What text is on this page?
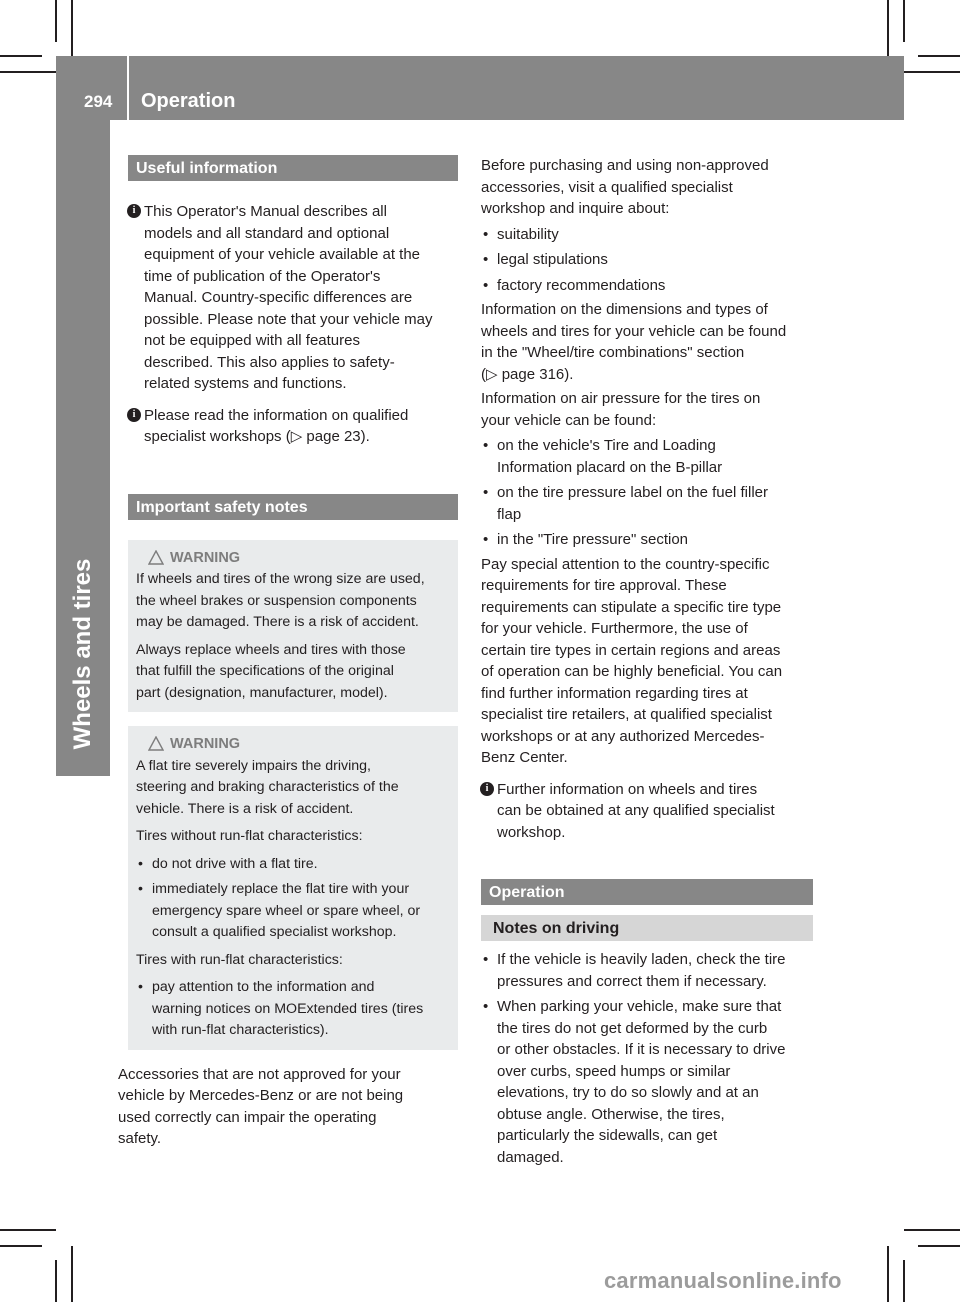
294 Operation
Wheels and tires
Useful information
i This Operator's Manual describes all
models and all standard and optional
equipment of your vehicle available at the
time of publication of the Operator's
Manual. Country-specific differences are
possible. Please note that your vehicle may
not be equipped with all features
described. This also applies to safety-
related systems and functions.

i Please read the information on qualified
specialist workshops (▷ page 23).

Important safety notes
WARNING

If wheels and tires of the wrong size are used,
the wheel brakes or suspension components
may be damaged. There is a risk of accident.

Always replace wheels and tires with those
that fulfill the specifications of the original
part (designation, manufacturer, model).

WARNING

A flat tire severely impairs the driving,
steering and braking characteristics of the
vehicle. There is a risk of accident.

Tires without run-flat characteristics:

• do not drive with a flat tire.
• immediately replace the flat tire with your
emergency spare wheel or spare wheel, or
consult a qualified specialist workshop.

Tires with run-flat characteristics:

• pay attention to the information and
warning notices on MOExtended tires (tires
with run-flat characteristics).

Accessories that are not approved for your
vehicle by Mercedes-Benz or are not being
used correctly can impair the operating
safety.

Before purchasing and using non-approved
accessories, visit a qualified specialist
workshop and inquire about:

• suitability
• legal stipulations
• factory recommendations

Information on the dimensions and types of
wheels and tires for your vehicle can be found
in the "Wheel/tire combinations" section
(▷ page 316).

Information on air pressure for the tires on
your vehicle can be found:

• on the vehicle's Tire and Loading
Information placard on the B-pillar
• on the tire pressure label on the fuel filler
flap
• in the "Tire pressure" section

Pay special attention to the country-specific
requirements for tire approval. These
requirements can stipulate a specific tire type
for your vehicle. Furthermore, the use of
certain tire types in certain regions and areas
of operation can be highly beneficial. You can
find further information regarding tires at
specialist tire retailers, at qualified specialist
workshops or at any authorized Mercedes-
Benz Center.

i Further information on wheels and tires
can be obtained at any qualified specialist
workshop.

Operation
Notes on driving
• If the vehicle is heavily laden, check the tire
pressures and correct them if necessary.
• When parking your vehicle, make sure that
the tires do not get deformed by the curb
or other obstacles. If it is necessary to drive
over curbs, speed humps or similar
elevations, try to do so slowly and at an
obtuse angle. Otherwise, the tires,
particularly the sidewalls, can get
damaged.
carmanualsonline.info
